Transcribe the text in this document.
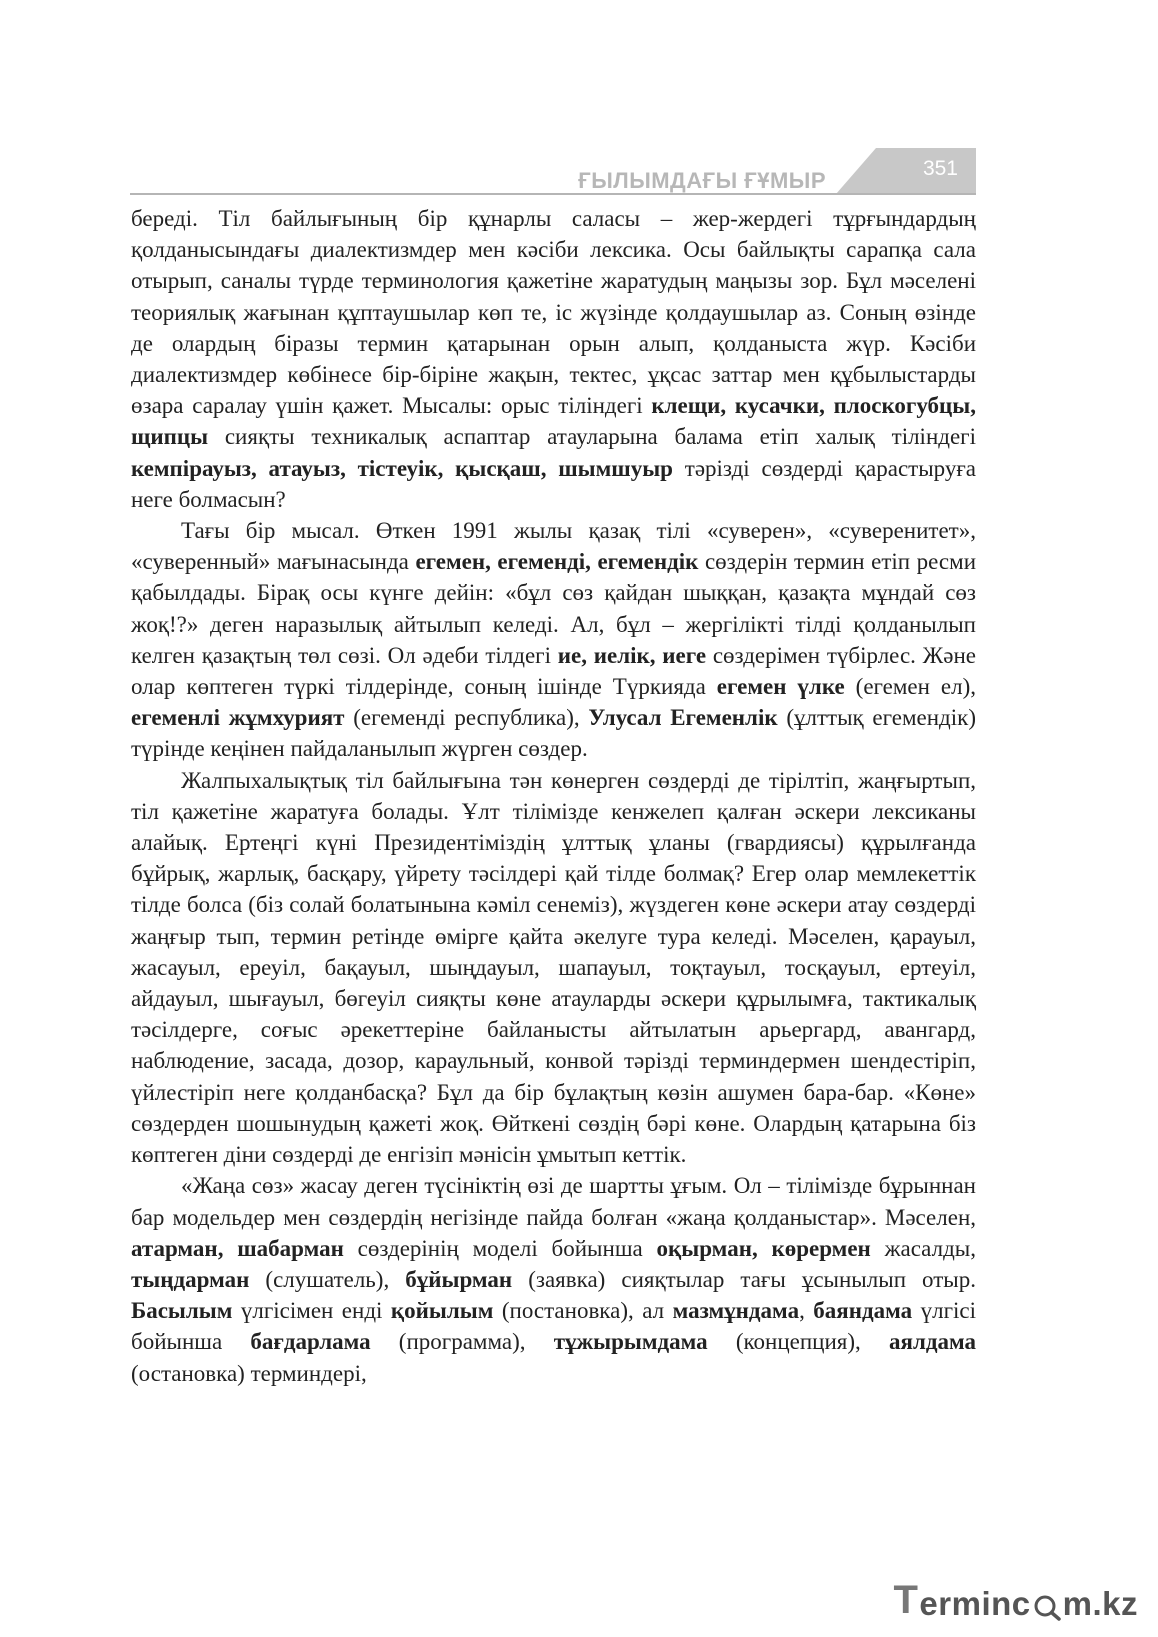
ҒЫЛЫМДАҒЫ ҒҰМЫР	351

береді. Тіл байлығының бір құнарлы саласы – жер-жердегі тұрғындардың қолданысындағы диалектизмдер мен кәсіби лексика. Осы байлықты сарапқа сала отырып, саналы түрде терминология қажетіне жаратудың маңызы зор. Бұл мәселені теориялық жағынан құптаушылар көп те, іс жүзінде қолдаушылар аз. Соның өзінде де олардың біразы термин қатарынан орын алып, қолданыста жүр. Кәсіби диалектизмдер көбінесе бір-біріне жақын, тектес, ұқсас заттар мен құбылыстарды өзара саралау үшін қажет. Мысалы: орыс тіліндегі клещи, кусачки, плоскогубцы, щипцы сияқты техникалық аспаптар атауларына балама етіп халық тіліндегі кемпірауыз, атауыз, тістеуік, қысқаш, шымшуыр тәрізді сөздерді қарастыруға неге болмасын?

Тағы бір мысал. Өткен 1991 жылы қазақ тілі «суверен», «суверенитет», «суверенный» мағынасында егемен, егеменді, егемендік сөздерін термин етіп ресми қабылдады. Бірақ осы күнге дейін: «бұл сөз қайдан шыққан, қазақта мұндай сөз жоқ!?» деген наразылық айтылып келеді. Ал, бұл – жергілікті тілді қолданылып келген қазақтың төл сөзі. Ол әдеби тілдегі ие, иелік, иеге сөздерімен түбірлес. Және олар көптеген түркі тілдерінде, соның ішінде Түркияда егемен үлке (егемен ел), егеменлі жұмхурият (егеменді республика), Улусал Егеменлік (ұлттық егемендік) түрінде кеңінен пайдаланылып жүрген сөздер.

Жалпыхалықтық тіл байлығына тән көнерген сөздерді де тірілтіп, жаңғыртып, тіл қажетіне жаратуға болады. Ұлт тілімізде кенжелеп қалған әскери лексиканы алайық. Ертеңгі күні Президентіміздің ұлттық ұланы (гвардиясы) құрылғанда бұйрық, жарлық, басқару, үйрету тәсілдері қай тілде болмақ? Егер олар мемлекеттік тілде болса (біз солай болатынына кәміл сенеміз), жүздеген көне әскери атау сөздерді жаңғыр тып, термин ретінде өмірге қайта әкелуге тура келеді. Мәселен, қарауыл, жасауыл, ереуіл, бақауыл, шыңдауыл, шапауыл, тоқтауыл, тосқауыл, ертеуіл, айдауыл, шығауыл, бөгеуіл сияқты көне атауларды әскери құрылымға, тактикалық тәсілдерге, соғыс әрекеттеріне байланысты айтылатын арьергард, авангард, наблюдение, засада, дозор, караульный, конвой тәрізді терминдермен шендестіріп, үйлестіріп неге қолданбасқа? Бұл да бір бұлақтың көзін ашумен бара-бар. «Көне» сөздерден шошынудың қажеті жоқ. Өйткені сөздің бәрі көне. Олардың қатарына біз көптеген діни сөздерді де енгізіп мәнісін ұмытып кеттік.

«Жаңа сөз» жасау деген түсініктің өзі де шартты ұғым. Ол – тілімізде бұрыннан бар модельдер мен сөздердің негізінде пайда болған «жаңа қолданыстар». Мәселен, атарман, шабарман сөздерінің моделі бойынша оқырман, көрермен жасалды, тыңдарман (слушатель), бұйырман (заявка) сияқтылар тағы ұсынылып отыр. Басылым үлгісімен енді қойылым (постановка), ал мазмұндама, баяндама үлгісі бойынша бағдарлама (программа), тұжырымдама (концепция), аялдама (остановка) терминдері,

T erminc m.kz
